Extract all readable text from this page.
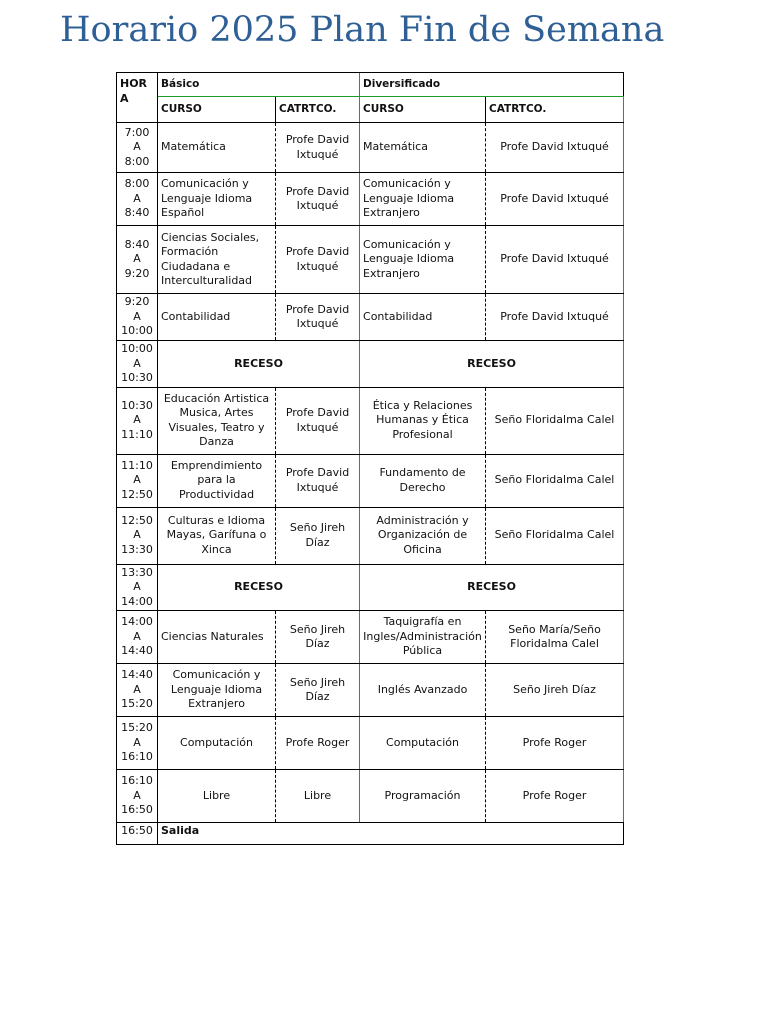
Horario 2025 Plan Fin de Semana
HOR A	Básico		Diversificado	
	CURSO	CATRTCO.	CURSO	CATRTCO.
7:00 A 8:00	Matemática	Profe David Ixtuqué	Matemática	Profe David Ixtuqué
8:00 A 8:40	Comunicación y Lenguaje Idioma Español	Profe David Ixtuqué	Comunicación y Lenguaje Idioma Extranjero	Profe David Ixtuqué
8:40 A 9:20	Ciencias Sociales, Formación Ciudadana e Interculturalidad	Profe David Ixtuqué	Comunicación y Lenguaje Idioma Extranjero	Profe David Ixtuqué
9:20 A 10:00	Contabilidad	Profe David Ixtuqué	Contabilidad	Profe David Ixtuqué
10:00 A 10:30	RECESO		RECESO	
10:30 A 11:10	Educación Artistica Musica, Artes Visuales, Teatro y Danza	Profe David Ixtuqué	Ética y Relaciones Humanas y Ética Profesional	Seño Floridalma Calel
11:10 A 12:50	Emprendimiento para la Productividad	Profe David Ixtuqué	Fundamento de Derecho	Seño Floridalma Calel
12:50 A 13:30	Culturas e Idioma Mayas, Garífuna o Xinca	Seño Jireh Díaz	Administración y Organización de Oficina	Seño Floridalma Calel
13:30 A 14:00	RECESO		RECESO	
14:00 A 14:40	Ciencias Naturales	Seño Jireh Díaz	Taquigrafía en Ingles/Administración Pública	Seño María/Seño Floridalma Calel
14:40 A 15:20	Comunicación y Lenguaje Idioma Extranjero	Seño Jireh Díaz	Inglés Avanzado	Seño Jireh Díaz
15:20 A 16:10	Computación	Profe Roger	Computación	Profe Roger
16:10 A 16:50	Libre	Libre	Programación	Profe Roger
16:50	Salida			
